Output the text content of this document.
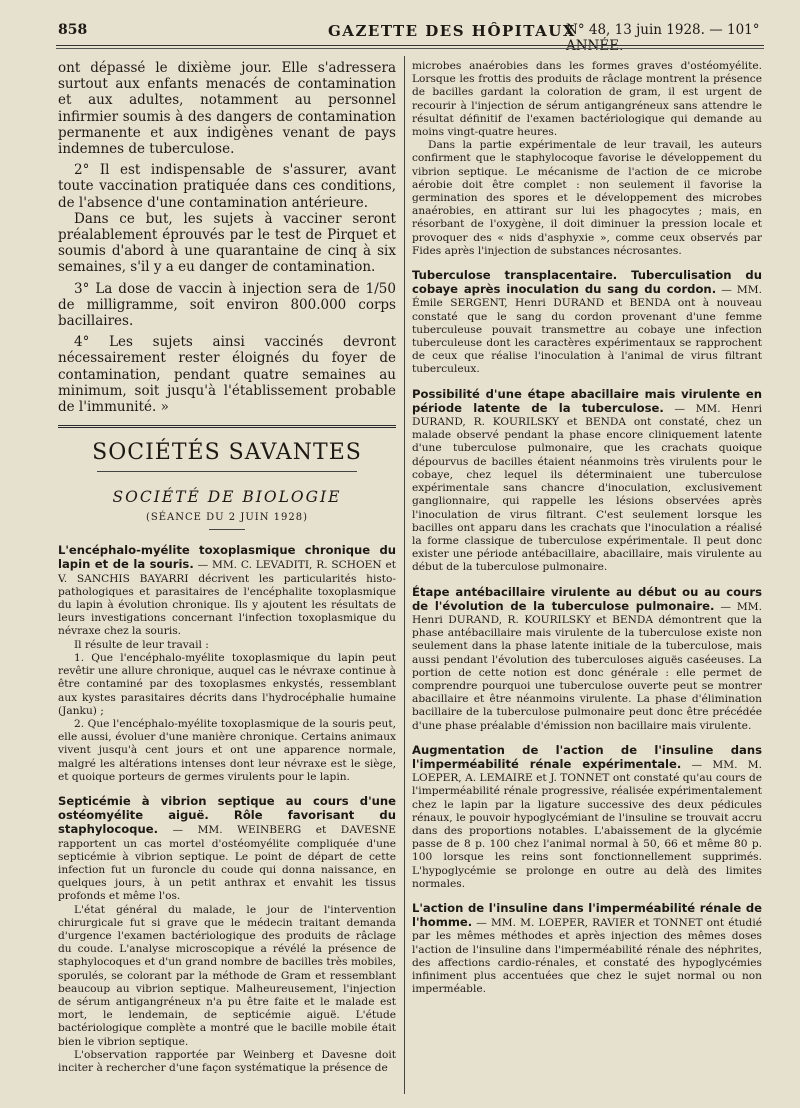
858	GAZETTE DES HÔPITAUX
N° 48, 13 juin 1928. — 101° ANNÉE.

ont dépassé le dixième jour. Elle s'adressera surtout aux enfants menacés de contamination et aux adultes, notamment au personnel infirmier soumis à des dangers de contamination permanente et aux indigènes venant de pays indemnes de tuberculose.

2° Il est indispensable de s'assurer, avant toute vaccination pratiquée dans ces conditions, de l'absence d'une contamination antérieure.

Dans ce but, les sujets à vacciner seront préalablement éprouvés par le test de Pirquet et soumis d'abord à une quarantaine de cinq à six semaines, s'il y a eu danger de contamination.

3° La dose de vaccin à injection sera de 1/50 de milligramme, soit environ 800.000 corps bacillaires.

4° Les sujets ainsi vaccinés devront nécessairement rester éloignés du foyer de contamination, pendant quatre semaines au minimum, soit jusqu'à l'établissement probable de l'immunité. »

SOCIÉTÉS SAVANTES
SOCIÉTÉ DE BIOLOGIE
(SÉANCE DU 2 JUIN 1928)

L'encéphalo-myélite toxoplasmique chronique du lapin et de la souris. — MM. C. LEVADITI, R. SCHOEN et V. SANCHIS BAYARRI décrivent les particularités histo-pathologiques et parasitaires de l'encéphalite toxoplasmique du lapin à évolution chronique. Ils y ajoutent les résultats de leurs investigations concernant l'infection toxoplasmique du névraxe chez la souris.

Il résulte de leur travail :

1. Que l'encéphalo-myélite toxoplasmique du lapin peut revêtir une allure chronique, auquel cas le névraxe continue à être contaminé par des toxoplasmes enkystés, ressemblant aux kystes parasitaires décrits dans l'hydrocéphalie humaine (Janku) ;

2. Que l'encéphalo-myélite toxoplasmique de la souris peut, elle aussi, évoluer d'une manière chronique. Certains animaux vivent jusqu'à cent jours et ont une apparence normale, malgré les altérations intenses dont leur névraxe est le siège, et quoique porteurs de germes virulents pour le lapin.

Septicémie à vibrion septique au cours d'une ostéomyélite aiguë. Rôle favorisant du staphylocoque. — MM. WEINBERG et DAVESNE rapportent un cas mortel d'ostéomyélite compliquée d'une septicémie à vibrion septique. Le point de départ de cette infection fut un furoncle du coude qui donna naissance, en quelques jours, à un petit anthrax et envahit les tissus profonds et même l'os.

L'état général du malade, le jour de l'intervention chirurgicale fut si grave que le médecin traitant demanda d'urgence l'examen bactériologique des produits de râclage du coude. L'analyse microscopique a révélé la présence de staphylocoques et d'un grand nombre de bacilles très mobiles, sporulés, se colorant par la méthode de Gram et ressemblant beaucoup au vibrion septique. Malheureusement, l'injection de sérum antigangréneux n'a pu être faite et le malade est mort, le lendemain, de septicémie aiguë. L'étude bactériologique complète a montré que le bacille mobile était bien le vibrion septique.

L'observation rapportée par Weinberg et Davesne doit inciter à rechercher d'une façon systématique la présence de

microbes anaérobies dans les formes graves d'ostéomyélite. Lorsque les frottis des produits de râclage montrent la présence de bacilles gardant la coloration de gram, il est urgent de recourir à l'injection de sérum antigangréneux sans attendre le résultat définitif de l'examen bactériologique qui demande au moins vingt-quatre heures.

Dans la partie expérimentale de leur travail, les auteurs confirment que le staphylocoque favorise le développement du vibrion septique. Le mécanisme de l'action de ce microbe aérobie doit être complet : non seulement il favorise la germination des spores et le développement des microbes anaérobies, en attirant sur lui les phagocytes ; mais, en résorbant de l'oxygène, il doit diminuer la pression locale et provoquer des « nids d'asphyxie », comme ceux observés par Fides après l'injection de substances nécrosantes.

Tuberculose transplacentaire. Tuberculisation du cobaye après inoculation du sang du cordon. — MM. Émile SERGENT, Henri DURAND et BENDA ont à nouveau constaté que le sang du cordon provenant d'une femme tuberculeuse pouvait transmettre au cobaye une infection tuberculeuse dont les caractères expérimentaux se rapprochent de ceux que réalise l'inoculation à l'animal de virus filtrant tuberculeux.

Possibilité d'une étape abacillaire mais virulente en période latente de la tuberculose. — MM. Henri DURAND, R. KOURILSKY et BENDA ont constaté, chez un malade observé pendant la phase encore cliniquement latente d'une tuberculose pulmonaire, que les crachats quoique dépourvus de bacilles étaient néanmoins très virulents pour le cobaye, chez lequel ils déterminaient une tuberculose expérimentale sans chancre d'inoculation, exclusivement ganglionnaire, qui rappelle les lésions observées après l'inoculation de virus filtrant. C'est seulement lorsque les bacilles ont apparu dans les crachats que l'inoculation a réalisé la forme classique de tuberculose expérimentale. Il peut donc exister une période antébacillaire, abacillaire, mais virulente au début de la tuberculose pulmonaire.

Étape antébacillaire virulente au début ou au cours de l'évolution de la tuberculose pulmonaire. — MM. Henri DURAND, R. KOURILSKY et BENDA démontrent que la phase antébacillaire mais virulente de la tuberculose existe non seulement dans la phase latente initiale de la tuberculose, mais aussi pendant l'évolution des tuberculoses aiguës caséeuses. La portion de cette notion est donc générale : elle permet de comprendre pourquoi une tuberculose ouverte peut se montrer abacillaire et être néanmoins virulente. La phase d'élimination bacillaire de la tuberculose pulmonaire peut donc être précédée d'une phase préalable d'émission non bacillaire mais virulente.

Augmentation de l'action de l'insuline dans l'imperméabilité rénale expérimentale. — MM. M. LOEPER, A. LEMAIRE et J. TONNET ont constaté qu'au cours de l'imperméabilité rénale progressive, réalisée expérimentalement chez le lapin par la ligature successive des deux pédicules rénaux, le pouvoir hypoglycémiant de l'insuline se trouvait accru dans des proportions notables. L'abaissement de la glycémie passe de 8 p. 100 chez l'animal normal à 50, 66 et même 80 p. 100 lorsque les reins sont fonctionnellement supprimés. L'hypoglycémie se prolonge en outre au delà des limites normales.

L'action de l'insuline dans l'imperméabilité rénale de l'homme. — MM. M. LOEPER, RAVIER et TONNET ont étudié par les mêmes méthodes et après injection des mêmes doses l'action de l'insuline dans l'imperméabilité rénale des néphrites, des affections cardio-rénales, et constaté des hypoglycémies infiniment plus accentuées que chez le sujet normal ou non imperméable.
